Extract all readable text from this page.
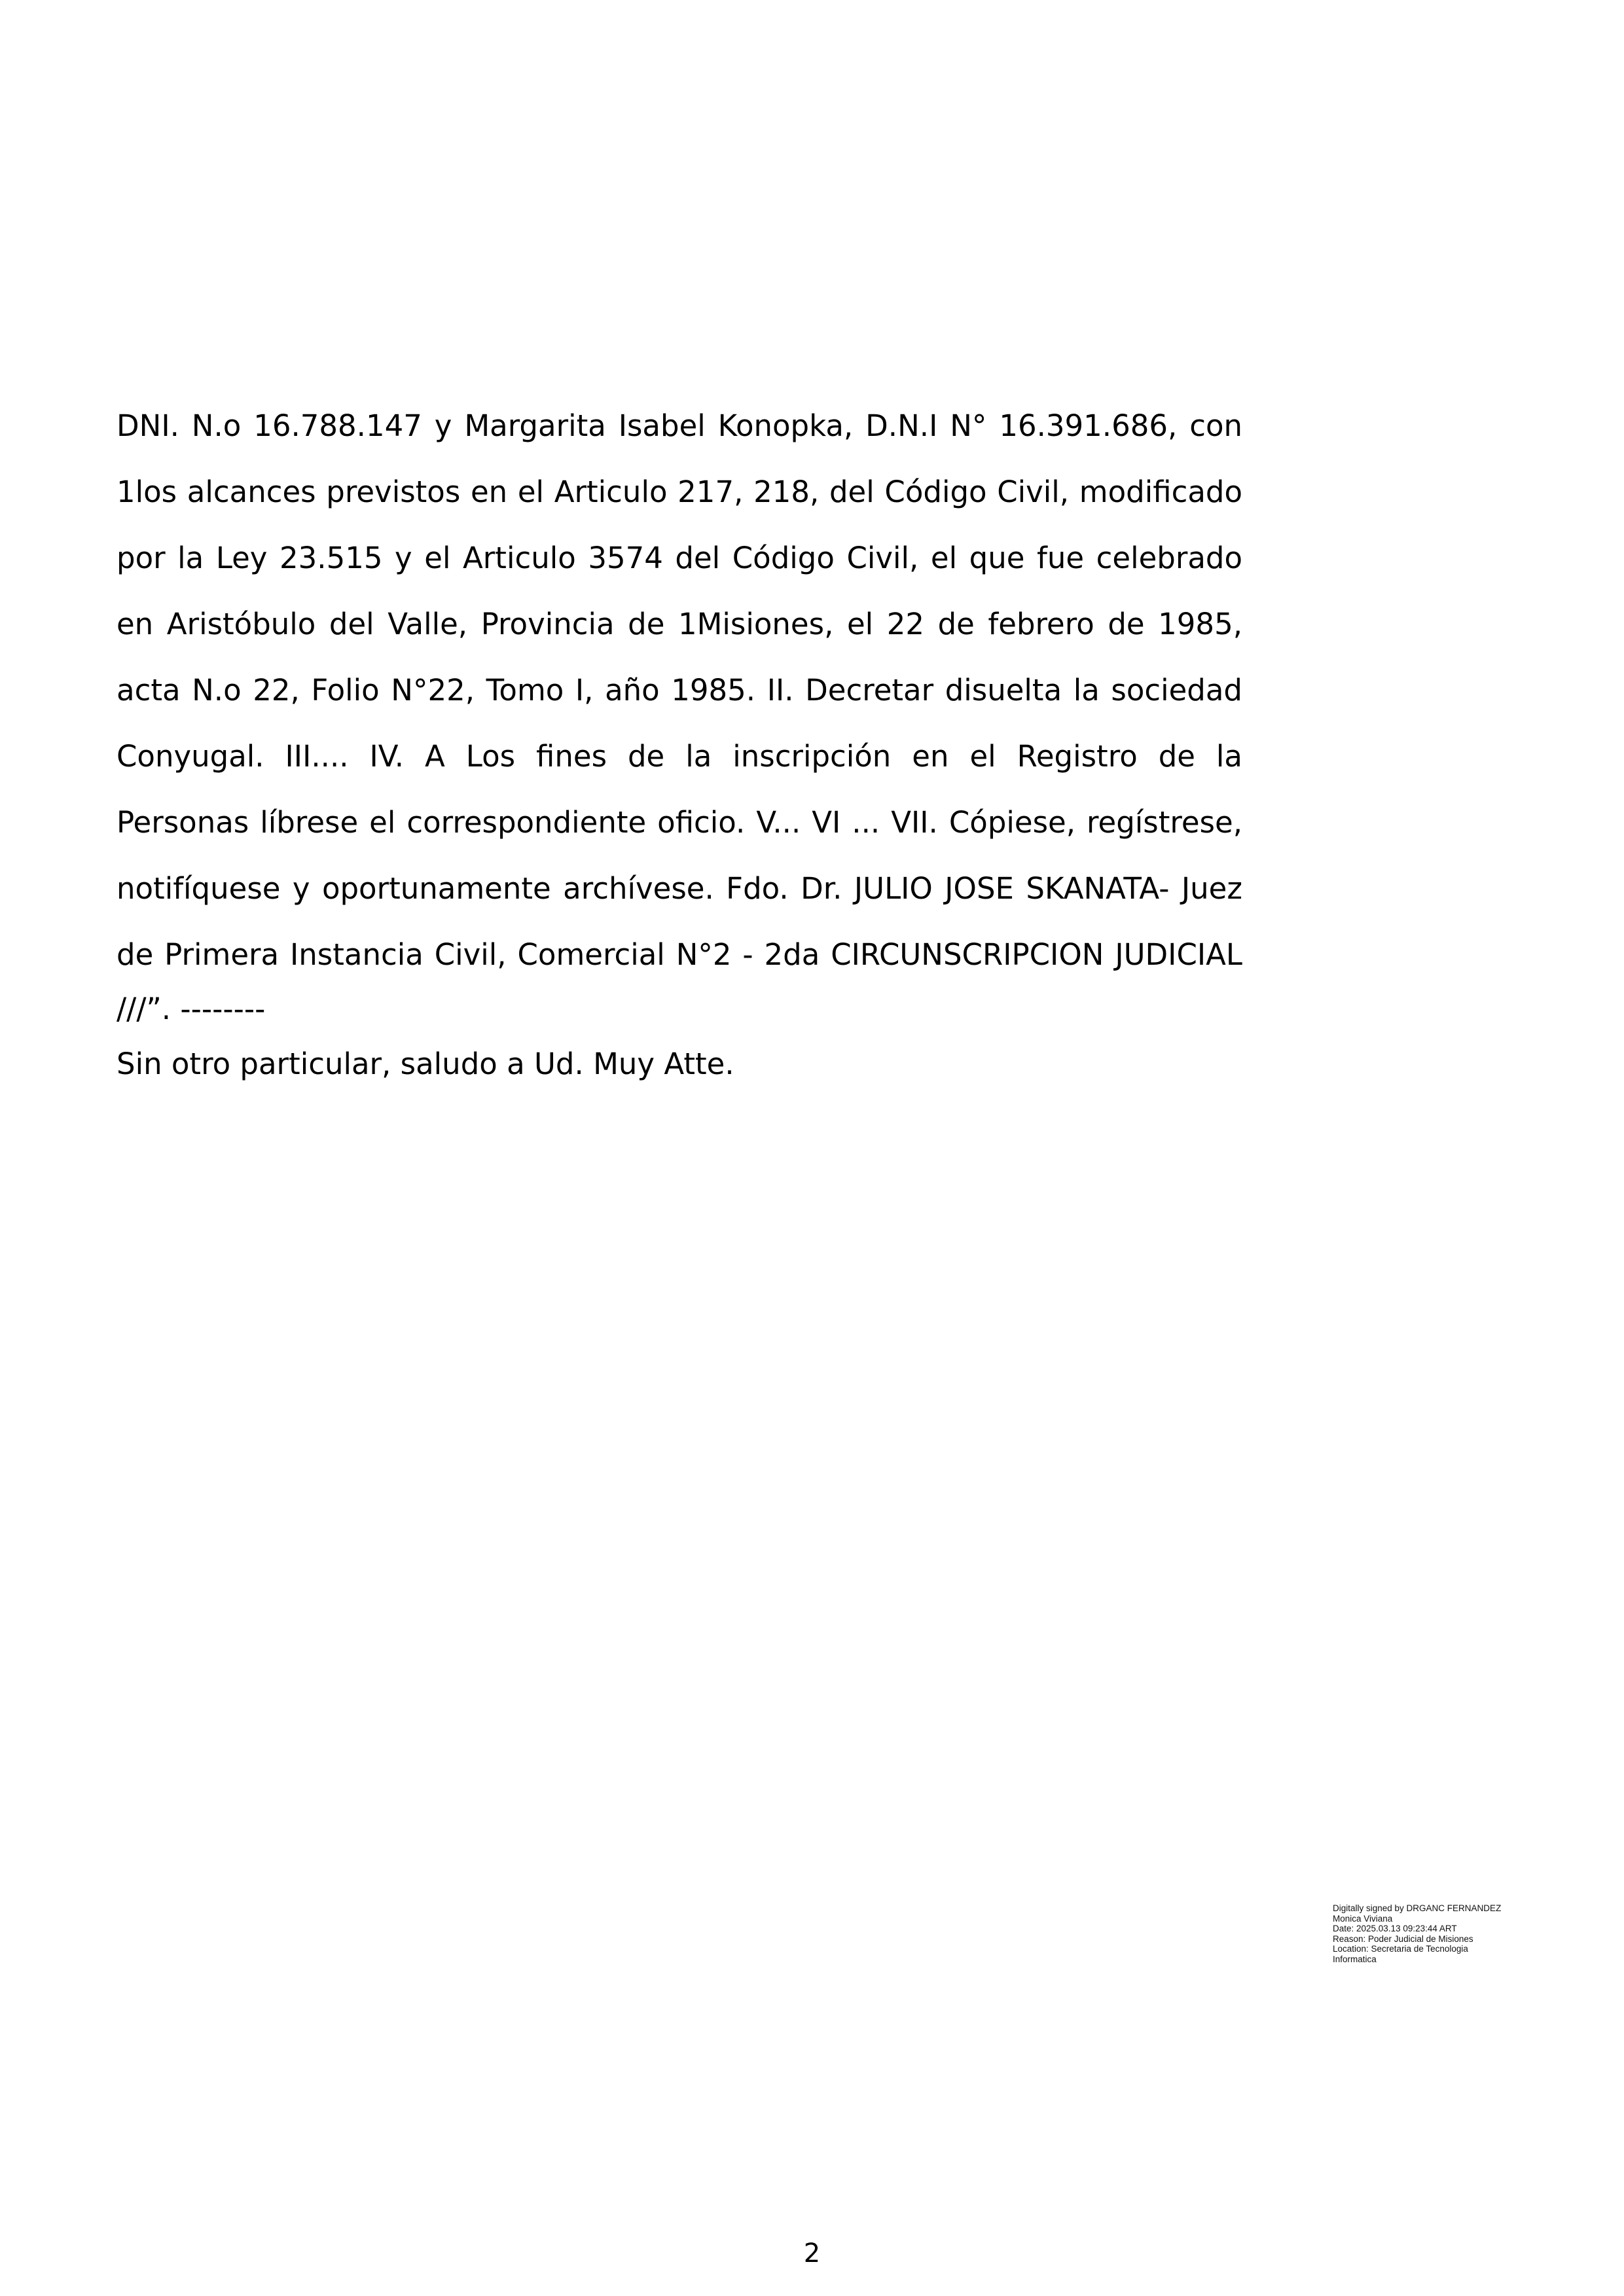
DNI. N.o 16.788.147 y Margarita Isabel Konopka, D.N.I N° 16.391.686, con
1los alcances previstos en el Articulo 217, 218, del Código Civil, modificado
por la Ley 23.515 y el Articulo 3574 del Código Civil, el que fue celebrado
en Aristóbulo del Valle, Provincia de 1Misiones, el 22 de febrero de 1985,
acta N.o 22, Folio N°22, Tomo I, año 1985. II. Decretar disuelta la sociedad
Conyugal. III.... IV. A Los fines de la inscripción en el Registro de la
Personas líbrese el correspondiente oficio. V... VI ... VII. Cópiese, regístrese,
notifíquese y oportunamente archívese. Fdo. Dr. JULIO JOSE SKANATA- Juez
de Primera Instancia Civil, Comercial N°2 - 2da CIRCUNSCRIPCION JUDICIAL
///”. --------
Sin otro particular, saludo a Ud. Muy Atte.
Digitally signed by DRGANC FERNANDEZ
Monica Viviana
Date: 2025.03.13 09:23:44 ART
Reason: Poder Judicial de Misiones
Location: Secretaria de Tecnologia
Informatica
2
